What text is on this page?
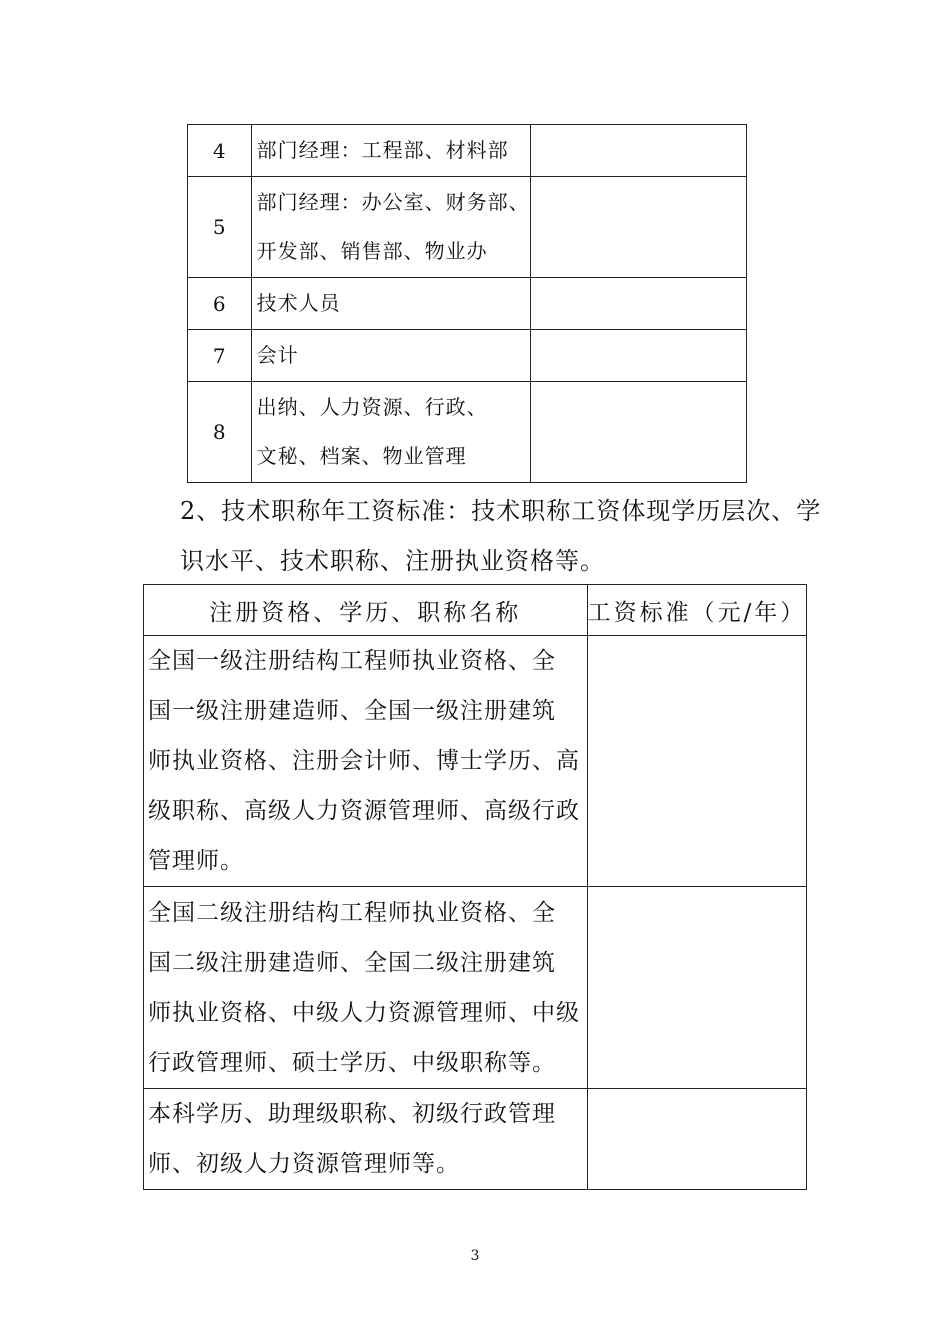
4	部门经理：工程部、材料部	

5	部门经理：办公室、财务部、
开发部、销售部、物业办	

6	技术人员	

7	会计	

8	出纳、人力资源、行政、
文秘、档案、物业管理	

2、技术职称年工资标准：技术职称工资体现学历层次、学
识水平、技术职称、注册执业资格等。
注册资格、学历、职称名称	工资标准（元/年）

全国一级注册结构工程师执业资格、全
国一级注册建造师、全国一级注册建筑
师执业资格、注册会计师、博士学历、高
级职称、高级人力资源管理师、高级行政
管理师。	

全国二级注册结构工程师执业资格、全
国二级注册建造师、全国二级注册建筑
师执业资格、中级人力资源管理师、中级
行政管理师、硕士学历、中级职称等。	

本科学历、助理级职称、初级行政管理
师、初级人力资源管理师等。	

3
